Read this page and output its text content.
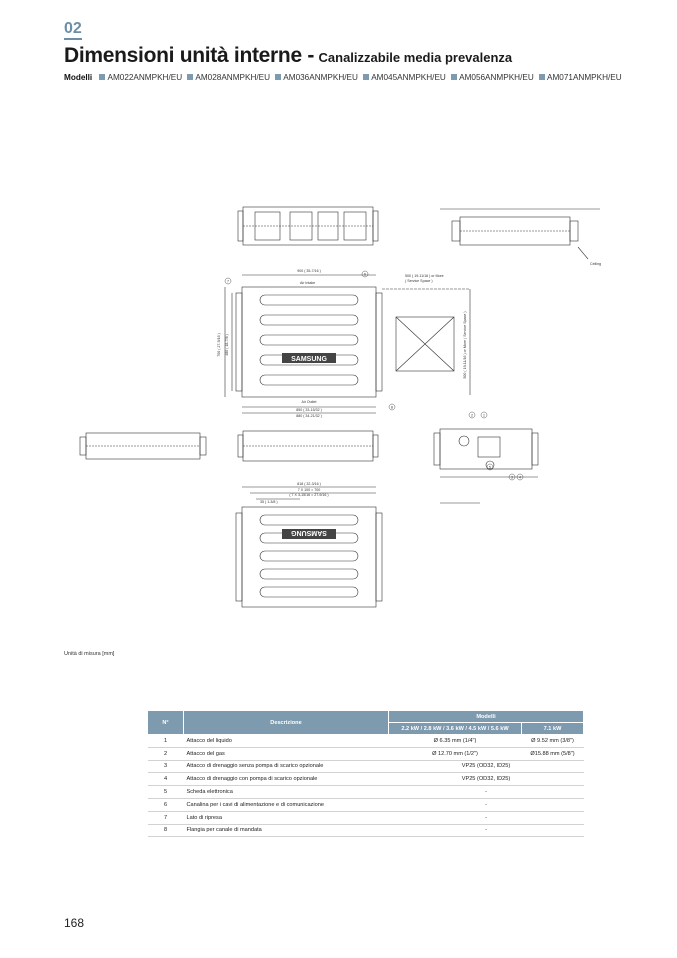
02
Dimensioni unità interne - Canalizzabile media prevalenza
Modelli AM022ANMPKH/EU AM028ANMPKH/EU AM036ANMPKH/EU AM045ANMPKH/EU AM056ANMPKH/EU AM071ANMPKH/EU
SAMSUNG
SAMSUNG
900 ( 35-7/16 )
500 ( 19-11/16 ) or More
( Service Space )
Air Outlet
850 ( 33-15/32 )
880 ( 34-21/32 )
Air Intake
700 ( 27-9/16 ) 480 ( 18-7/8 )	500 ( 19-11/16 ) or More ( Service Space )
Ceiling
818 ( 32-3/16 )
7 X 100 = 700
( 7 X 3-15/16 = 27-9/16 )
35 ( 1-3/8 )
7
6
8
2	1
3 4
5
Unità di misura [mm]
N°	Descrizione	Modelli	
		2.2 kW / 2.8 kW / 3.6 kW / 4.5 kW / 5.6 kW	7.1 kW
1	Attacco del liquido	Ø 6.35 mm (1/4")	Ø 9.52 mm (3/8")
2	Attacco del gas	Ø 12.70 mm (1/2")	Ø15.88 mm (5/8")
3	Attacco di drenaggio senza pompa di scarico opzionale	VP25 (OD32, ID25)	
4	Attacco di drenaggio con pompa di scarico opzionale	VP25 (OD32, ID25)	
5	Scheda elettronica	-	
6	Canalina per i cavi di alimentazione e di comunicazione	-	
7	Lato di ripresa	-	
8	Flangia per canale di mandata	-	
168
